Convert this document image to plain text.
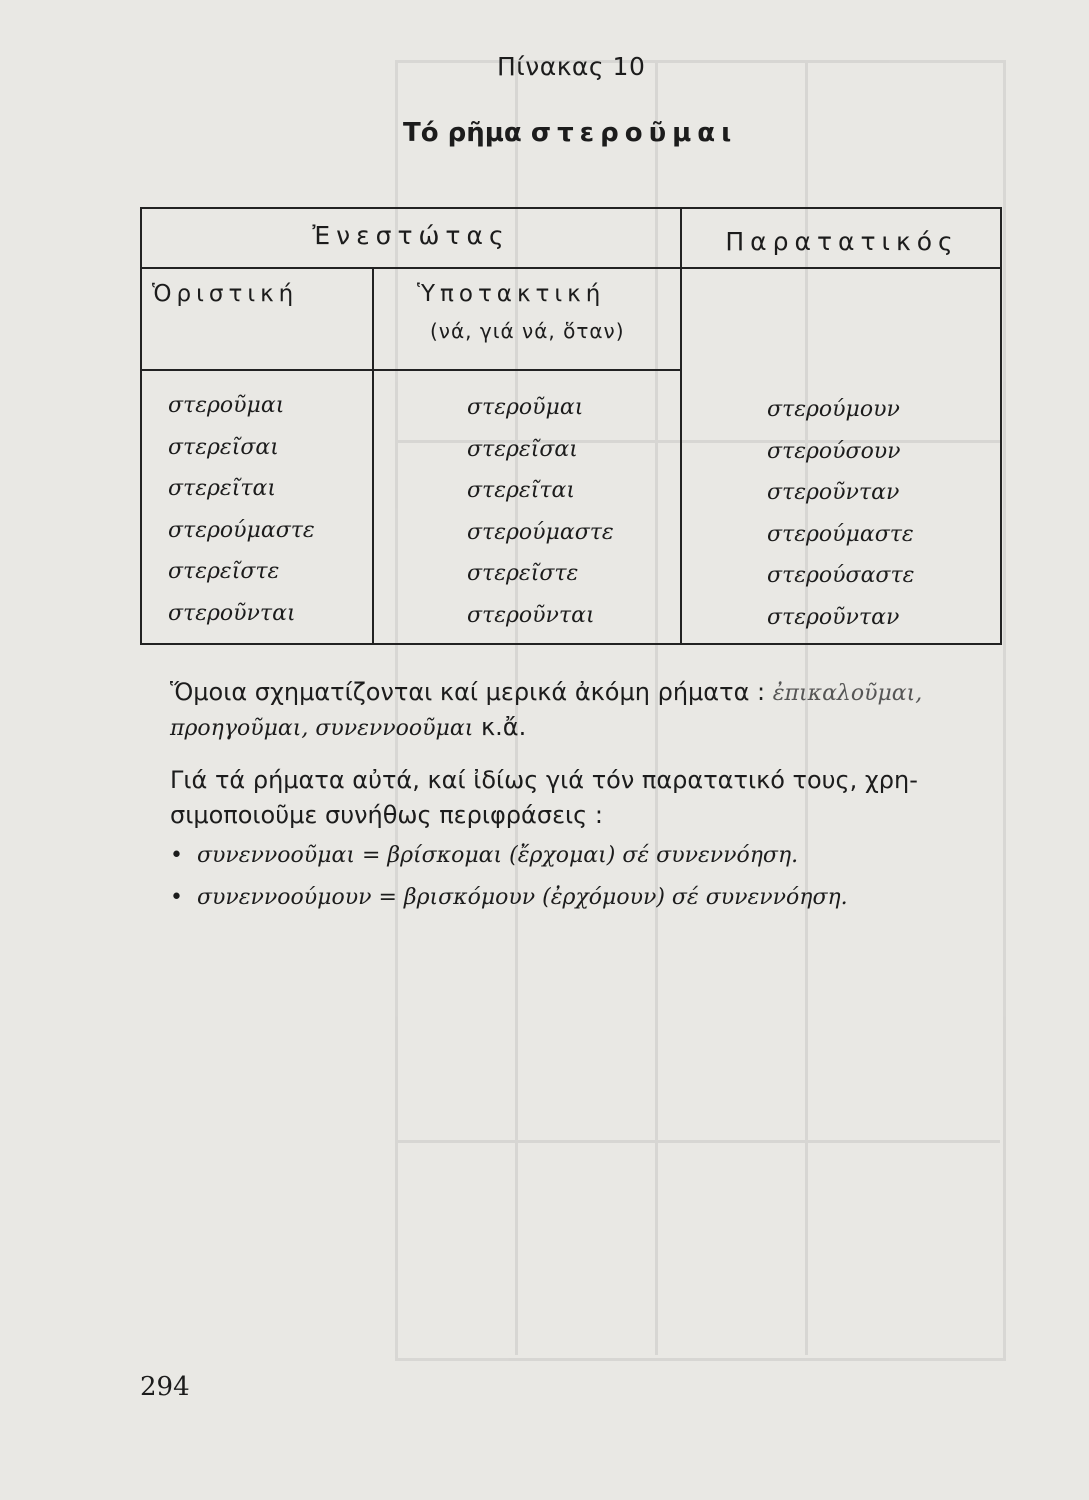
Πίνακας 10
Τό ρῆμα στεροῦμαι
Ἐνεστώτας	Παρατατικός
Ὁριστική	Ὑποτακτική
(νά, γιά νά, ὅταν)
στεροῦμαι
στερεῖσαι
στερεῖται
στερούμαστε
στερεῖστε
στεροῦνται
στεροῦμαι
στερεῖσαι
στερεῖται
στερούμαστε
στερεῖστε
στεροῦνται
στερούμουν
στερούσουν
στεροῦνταν
στερούμαστε
στερούσαστε
στεροῦνταν
Ὅμοια σχηματίζονται καί μερικά ἀκόμη ρήματα : ἐπικαλοῦμαι,
προηγοῦμαι, συνεννοοῦμαι κ.ἄ.
Γιά τά ρήματα αὐτά, καί ἰδίως γιά τόν παρατατικό τους, χρη-
σιμοποιοῦμε συνήθως περιφράσεις :
• συνεννοοῦμαι = βρίσκομαι (ἔρχομαι) σέ συνεννόηση.
• συνεννοούμουν = βρισκόμουν (ἐρχόμουν) σέ συνεννόηση.
294
